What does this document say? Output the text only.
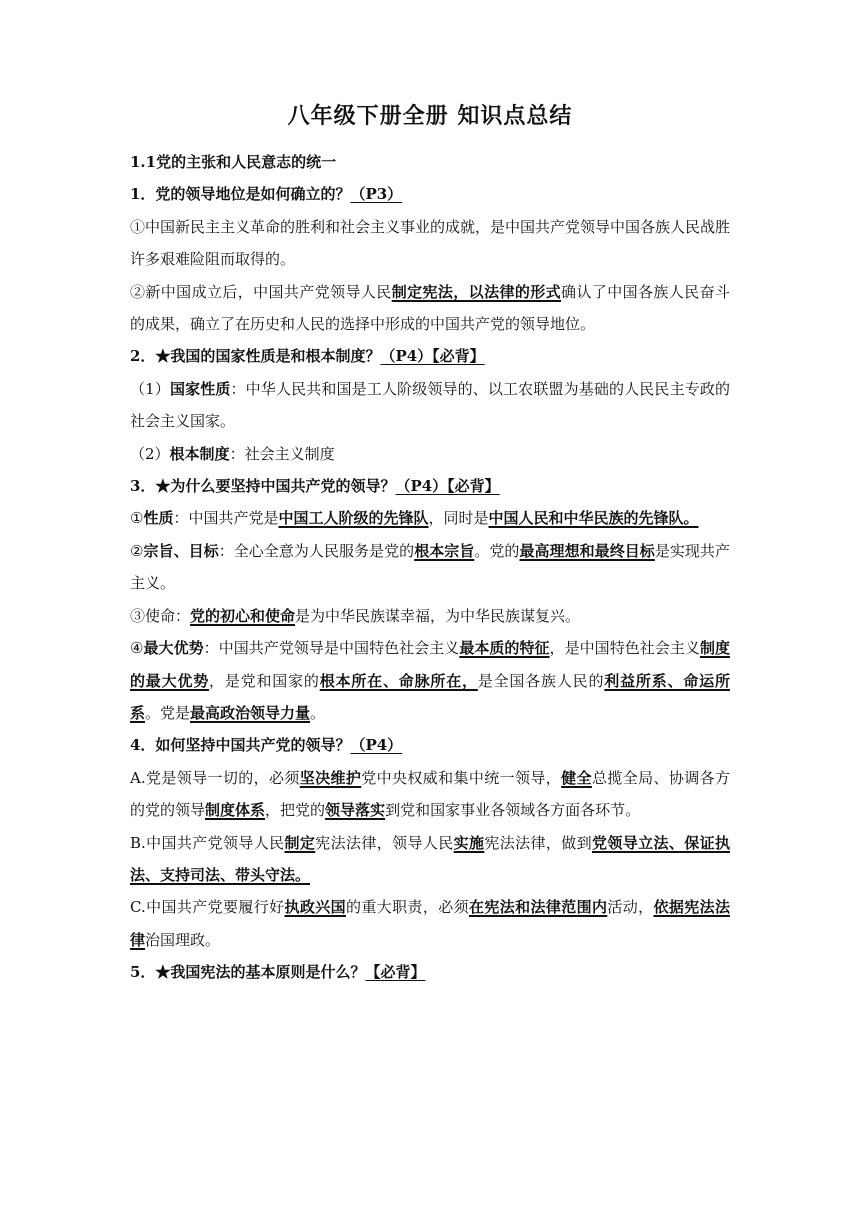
八年级下册全册 知识点总结

1.1党的主张和人民意志的统一

1．党的领导地位是如何确立的？（P3）

①中国新民主主义革命的胜利和社会主义事业的成就，是中国共产党领导中国各族人民战胜许多艰难险阻而取得的。

②新中国成立后，中国共产党领导人民制定宪法，以法律的形式确认了中国各族人民奋斗的成果，确立了在历史和人民的选择中形成的中国共产党的领导地位。

2．★我国的国家性质是和根本制度？（P4）【必背】

（1）国家性质：中华人民共和国是工人阶级领导的、以工农联盟为基础的人民民主专政的社会主义国家。

（2）根本制度：社会主义制度

3．★为什么要坚持中国共产党的领导？（P4）【必背】

①性质：中国共产党是中国工人阶级的先锋队，同时是中国人民和中华民族的先锋队。

②宗旨、目标：全心全意为人民服务是党的根本宗旨。党的最高理想和最终目标是实现共产主义。

③使命：党的初心和使命是为中华民族谋幸福，为中华民族谋复兴。

④最大优势：中国共产党领导是中国特色社会主义最本质的特征，是中国特色社会主义制度的最大优势，是党和国家的根本所在、命脉所在，是全国各族人民的利益所系、命运所系。党是最高政治领导力量。

4．如何坚持中国共产党的领导？（P4）

A.党是领导一切的，必须坚决维护党中央权威和集中统一领导，健全总揽全局、协调各方的党的领导制度体系，把党的领导落实到党和国家事业各领域各方面各环节。

B.中国共产党领导人民制定宪法法律，领导人民实施宪法法律，做到党领导立法、保证执法、支持司法、带头守法。

C.中国共产党要履行好执政兴国的重大职责，必须在宪法和法律范围内活动，依据宪法法律治国理政。

5．★我国宪法的基本原则是什么？【必背】
